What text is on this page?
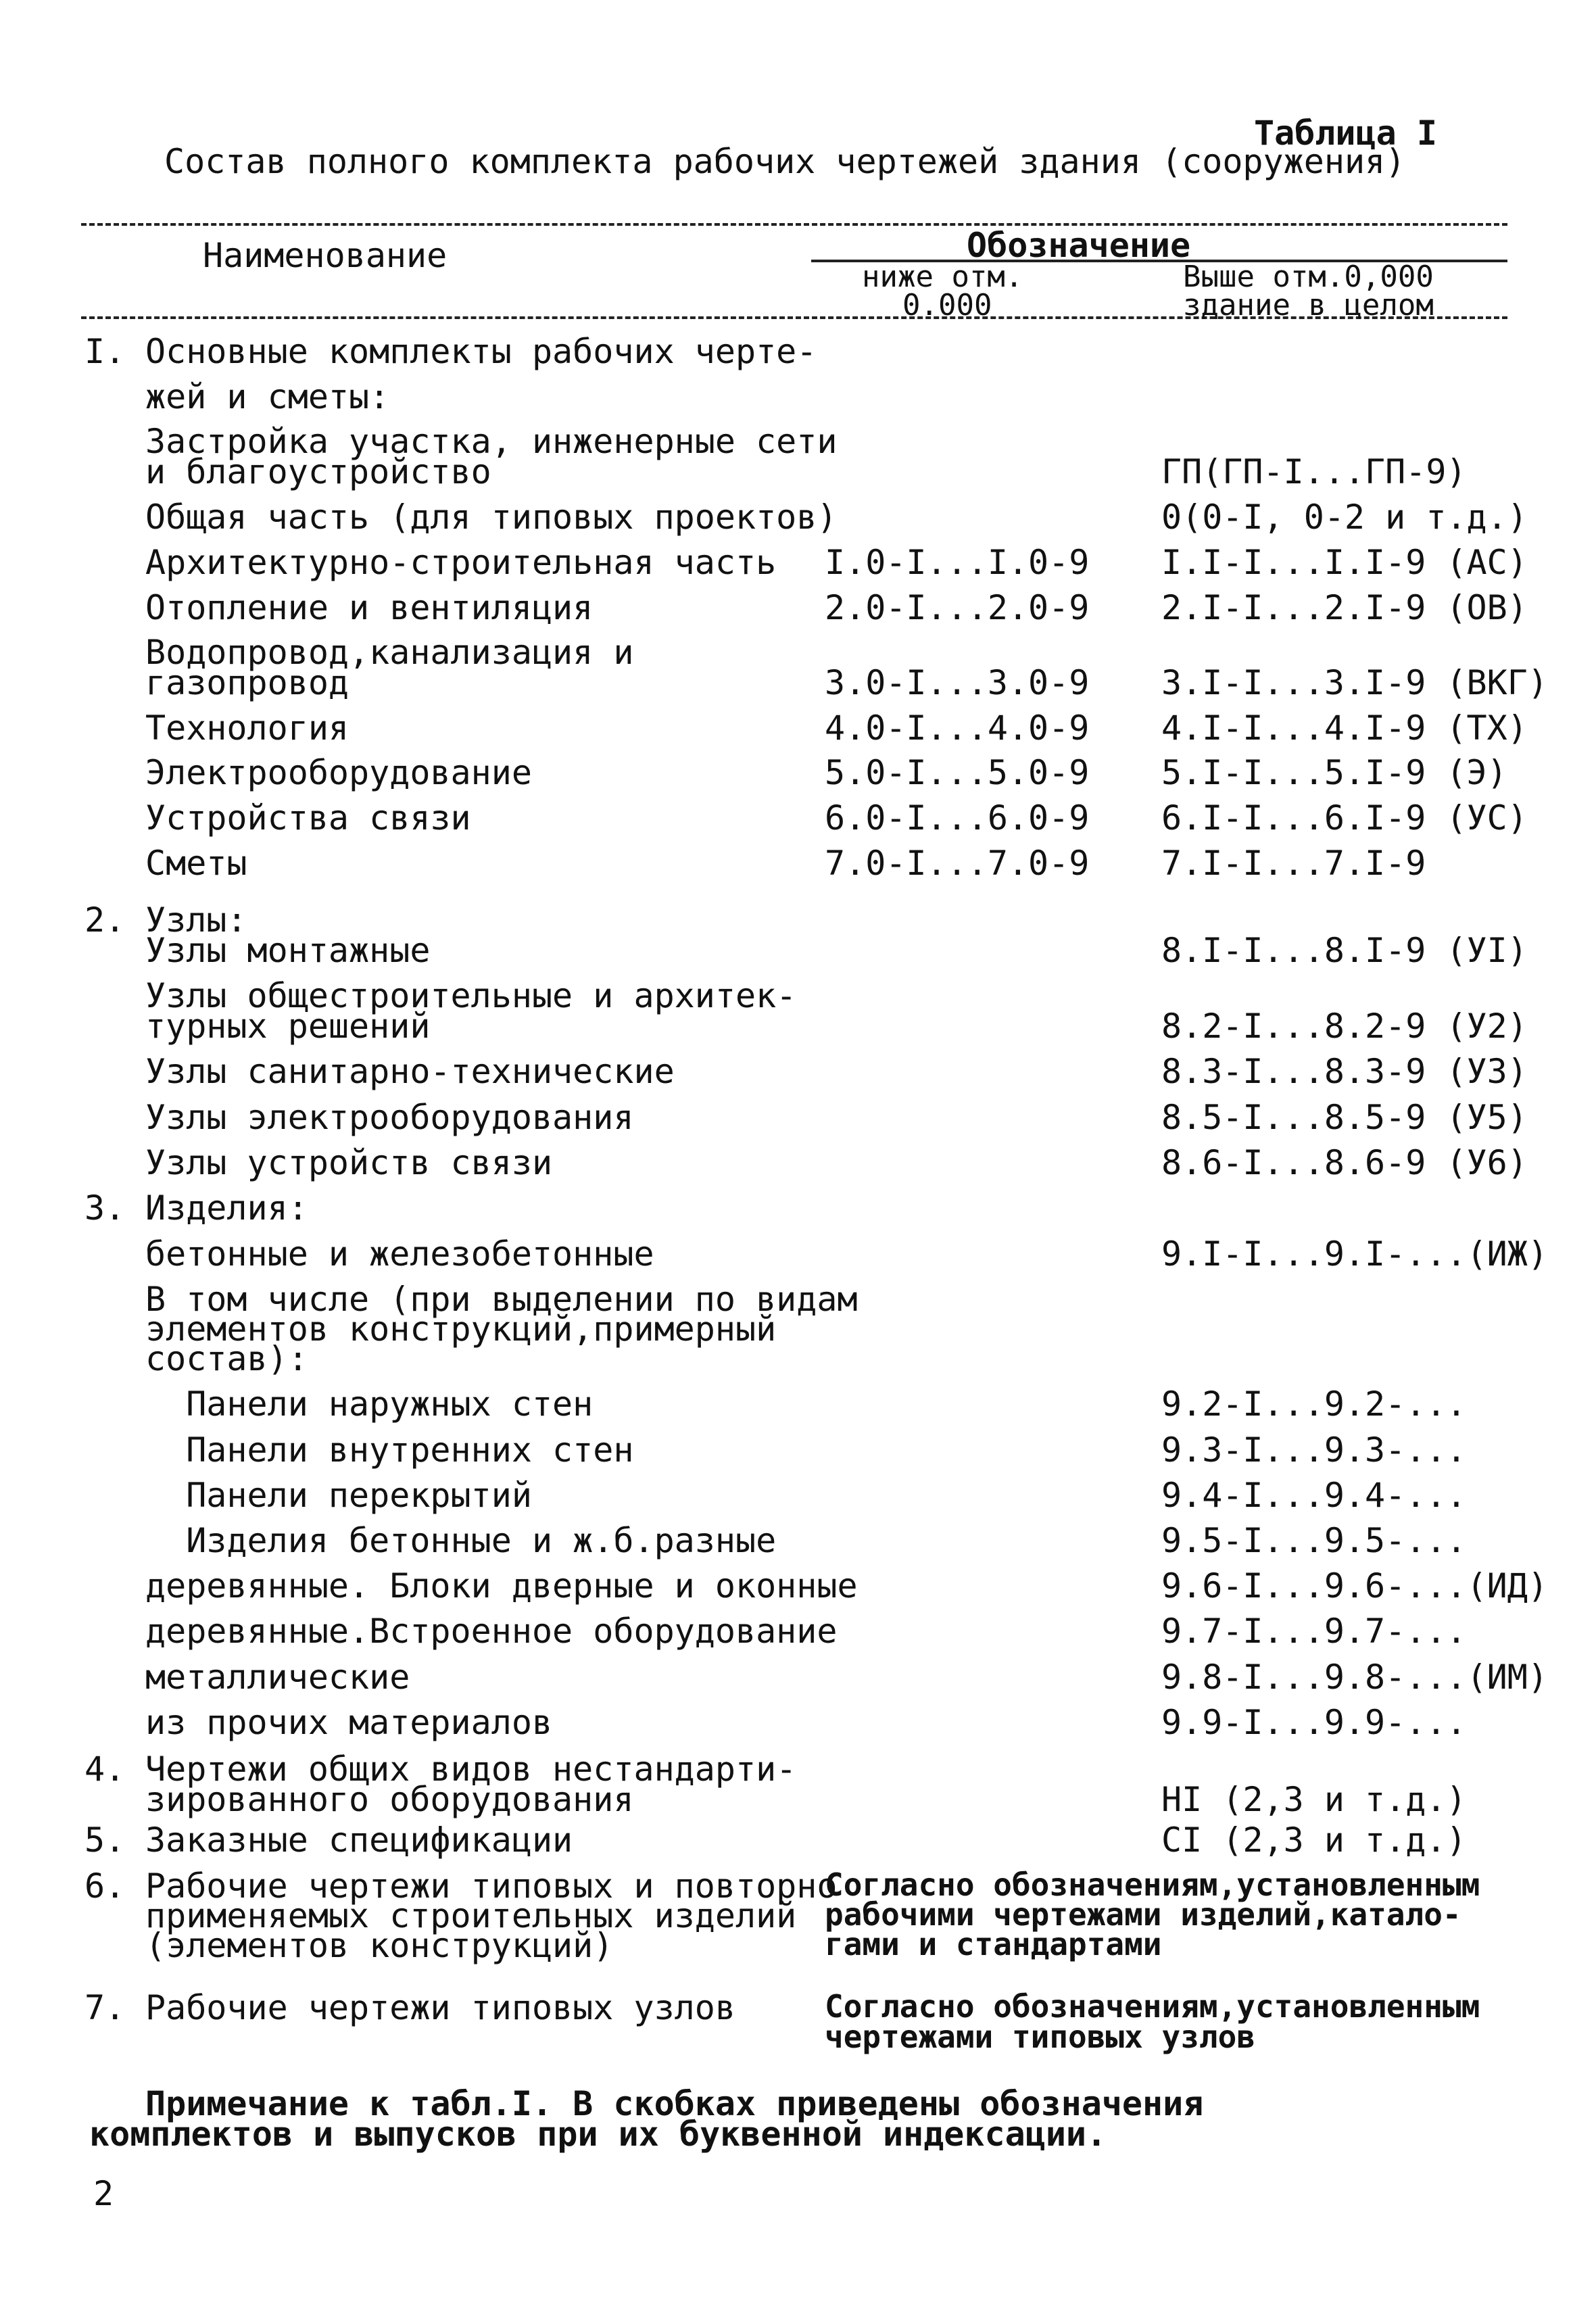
Таблица I
Состав полного комплекта рабочих чертежей здания (сооружения)
Наименование	Обозначение
ниже отм.
0.000
Выше отм.0,000
здание в целом
I.
2.
3.
4.
5.
6.
7.
Основные комплекты рабочих черте-
жей и сметы:
Застройка участка, инженерные сети
и благоустройство
Общая часть (для типовых проектов)
Архитектурно-строительная часть
Отопление и вентиляция
Водопровод,канализация и
газопровод
Технология
Электрооборудование
Устройства связи
Сметы
Узлы:
Узлы монтажные
Узлы общестроительные и архитек-
турных решений
Узлы санитарно-технические
Узлы электрооборудования
Узлы устройств связи
Изделия:
бетонные и железобетонные
В том числе (при выделении по видам
элементов конструкций,примерный
состав):
Панели наружных стен
Панели внутренних стен
Панели перекрытий
Изделия бетонные и ж.б.разные
деревянные. Блоки дверные и оконные
деревянные.Встроенное оборудование
металлические
из прочих материалов
Чертежи общих видов нестандарти-
зированного оборудования
Заказные спецификации
Рабочие чертежи типовых и повторно
применяемых строительных изделий
(элементов конструкций)
Рабочие чертежи типовых узлов
I.0-I...I.0-9
2.0-I...2.0-9
3.0-I...3.0-9
4.0-I...4.0-9
5.0-I...5.0-9
6.0-I...6.0-9
7.0-I...7.0-9
ГП(ГП-I...ГП-9)
0(0-I, 0-2 и т.д.)
I.I-I...I.I-9 (АС)
2.I-I...2.I-9 (ОВ)
3.I-I...3.I-9 (ВКГ)
4.I-I...4.I-9 (ТХ)
5.I-I...5.I-9 (Э)
6.I-I...6.I-9 (УС)
7.I-I...7.I-9
8.I-I...8.I-9 (УI)
8.2-I...8.2-9 (У2)
8.3-I...8.3-9 (У3)
8.5-I...8.5-9 (У5)
8.6-I...8.6-9 (У6)
9.I-I...9.I-...(ИЖ)
9.2-I...9.2-...
9.3-I...9.3-...
9.4-I...9.4-...
9.5-I...9.5-...
9.6-I...9.6-...(ИД)
9.7-I...9.7-...
9.8-I...9.8-...(ИМ)
9.9-I...9.9-...
HI (2,3 и т.д.)
CI (2,3 и т.д.)
Согласно обозначениям,установленным
рабочими чертежами изделий,катало-
гами и стандартами
Согласно обозначениям,установленным
чертежами типовых узлов
Примечание к табл.I. В скобках приведены обозначения
комплектов и выпусков при их буквенной индексации.
2
